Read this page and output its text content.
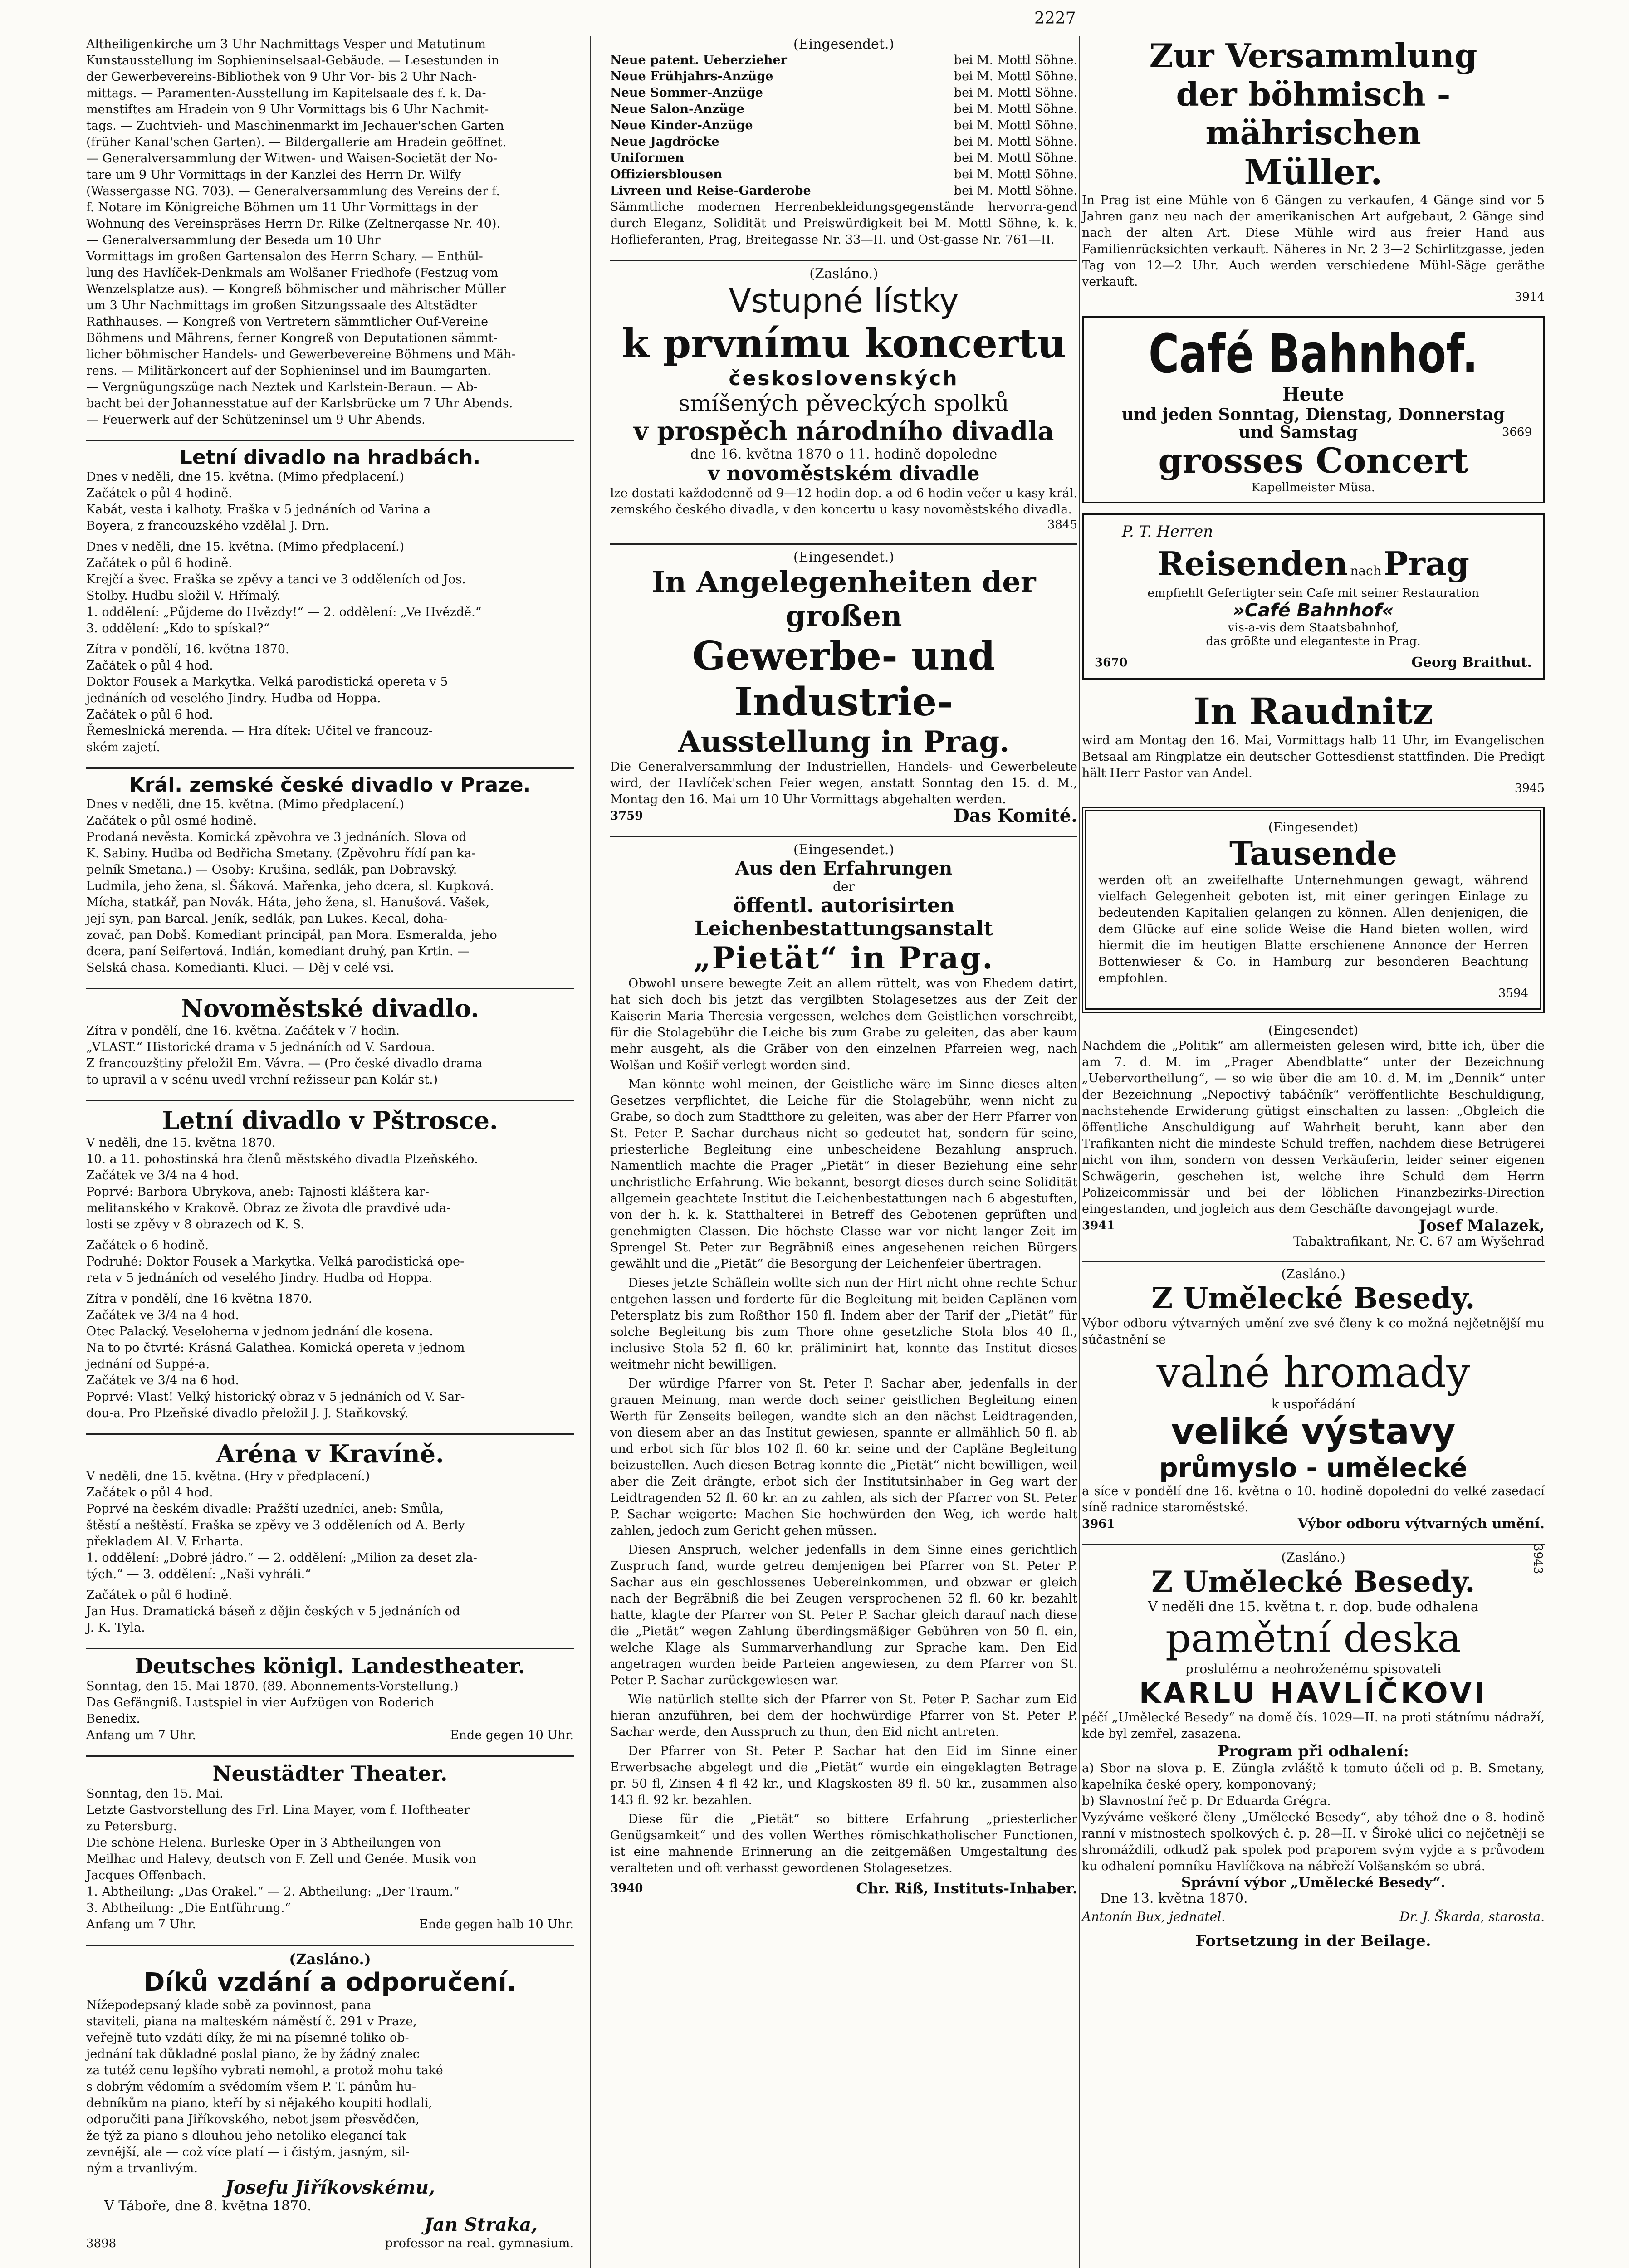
2227
Altheiligenkirche um 3 Uhr Nachmittags Vesper und Matutinum
Kunstausstellung im Sophieninselsaal-Gebäude. — Lesestunden in
der Gewerbevereins-Bibliothek von 9 Uhr Vor- bis 2 Uhr Nach-
mittags. — Paramenten-Ausstellung im Kapitelsaale des f. k. Da-
menstiftes am Hradein von 9 Uhr Vormittags bis 6 Uhr Nachmit-
tags. — Zuchtvieh- und Maschinenmarkt im Jechauer'schen Garten
(früher Kanal'schen Garten). — Bildergallerie am Hradein geöffnet.
— Generalversammlung der Witwen- und Waisen-Societät der No-
tare um 9 Uhr Vormittags in der Kanzlei des Herrn Dr. Wilfy
(Wassergasse NG. 703). — Generalversammlung des Vereins der f.
f. Notare im Königreiche Böhmen um 11 Uhr Vormittags in der
Wohnung des Vereinspräses Herrn Dr. Rilke (Zeltnergasse Nr. 40).
— Generalversammlung der Beseda um 10 Uhr
Vormittags im großen Gartensalon des Herrn Schary. — Enthül-
lung des Havlíček-Denkmals am Wolšaner Friedhofe (Festzug vom
Wenzelsplatze aus). — Kongreß böhmischer und mährischer Müller
um 3 Uhr Nachmittags im großen Sitzungssaale des Altstädter
Rathhauses. — Kongreß von Vertretern sämmtlicher Ouf-Vereine
Böhmens und Mährens, ferner Kongreß von Deputationen sämmt-
licher böhmischer Handels- und Gewerbevereine Böhmens und Mäh-
rens. — Militärkoncert auf der Sophieninsel und im Baumgarten.
— Vergnügungszüge nach Neztek und Karlstein-Beraun. — Ab-
bacht bei der Johannesstatue auf der Karlsbrücke um 7 Uhr Abends.
— Feuerwerk auf der Schützeninsel um 9 Uhr Abends.
Letní divadlo na hradbách.
Dnes v neděli, dne 15. května. (Mimo předplacení.)
Začátek o půl 4 hodině.
Kabát, vesta i kalhoty. Fraška v 5 jednáních od Varina a
Boyera, z francouzského vzdělal J. Drn.
Dnes v neděli, dne 15. května. (Mimo předplacení.)
Začátek o půl 6 hodině.
Krejčí a švec. Fraška se zpěvy a tanci ve 3 odděleních od Jos.
Stolby. Hudbu složil V. Hřímalý.
1. oddělení: „Půjdeme do Hvězdy!“ — 2. oddělení: „Ve Hvězdě.“
3. oddělení: „Kdo to spískal?“
Zítra v pondělí, 16. května 1870.
Začátek o půl 4 hod.
Doktor Fousek a Markytka. Velká parodistická opereta v 5
jednáních od veselého Jindry. Hudba od Hoppa.
Začátek o půl 6 hod.
Řemeslnická merenda. — Hra dítek: Učitel ve francouz-
ském zajetí.
Král. zemské české divadlo v Praze.
Dnes v neděli, dne 15. května. (Mimo předplacení.)
Začátek o půl osmé hodině.
Prodaná nevěsta. Komická zpěvohra ve 3 jednáních. Slova od
K. Sabiny. Hudba od Bedřicha Smetany. (Zpěvohru řídí pan ka-
pelník Smetana.) — Osoby: Krušina, sedlák, pan Dobravský.
Ludmila, jeho žena, sl. Šáková. Mařenka, jeho dcera, sl. Kupková.
Mícha, statkář, pan Novák. Háta, jeho žena, sl. Hanušová. Vašek,
její syn, pan Barcal. Jeník, sedlák, pan Lukes. Kecal, doha-
zovač, pan Dobš. Komediant principál, pan Mora. Esmeralda, jeho
dcera, paní Seifertová. Indián, komediant druhý, pan Krtin. —
Selská chasa. Komedianti. Kluci. — Děj v celé vsi.
Novoměstské divadlo.
Zítra v pondělí, dne 16. května. Začátek v 7 hodin.
„VLAST.“ Historické drama v 5 jednáních od V. Sardoua.
Z francouzštiny přeložil Em. Vávra. — (Pro české divadlo drama
to upravil a v scénu uvedl vrchní režisseur pan Kolár st.)
Letní divadlo v Pštrosce.
V neděli, dne 15. května 1870.
10. a 11. pohostinská hra členů městského divadla Plzeňského.
Začátek ve 3/4 na 4 hod.
Poprvé: Barbora Ubrykova, aneb: Tajnosti kláštera kar-
melitanského v Krakově. Obraz ze života dle pravdivé uda-
losti se zpěvy v 8 obrazech od K. S.
Začátek o 6 hodině.
Podruhé: Doktor Fousek a Markytka. Velká parodistická ope-
reta v 5 jednáních od veselého Jindry. Hudba od Hoppa.
Zítra v pondělí, dne 16 května 1870.
Začátek ve 3/4 na 4 hod.
Otec Palacký. Veseloherna v jednom jednání dle kosena.
Na to po čtvrté: Krásná Galathea. Komická opereta v jednom
jednání od Suppé-a.
Začátek ve 3/4 na 6 hod.
Poprvé: Vlast! Velký historický obraz v 5 jednáních od V. Sar-
dou-a. Pro Plzeňské divadlo přeložil J. J. Staňkovský.
Aréna v Kravíně.
V neděli, dne 15. května. (Hry v předplacení.)
Začátek o půl 4 hod.
Poprvé na českém divadle: Pražští uzedníci, aneb: Smůla,
štěstí a neštěstí. Fraška se zpěvy ve 3 odděleních od A. Berly
překladem Al. V. Erharta.
1. oddělení: „Dobré jádro.“ — 2. oddělení: „Milion za deset zla-
tých.“ — 3. oddělení: „Naši vyhráli.“
Začátek o půl 6 hodině.
Jan Hus. Dramatická báseň z dějin českých v 5 jednáních od
J. K. Tyla.
Deutsches königl. Landestheater.
Sonntag, den 15. Mai 1870. (89. Abonnements-Vorstellung.)
Das Gefängniß. Lustspiel in vier Aufzügen von Roderich
Benedix.
Anfang um 7 Uhr.	Ende gegen 10 Uhr.
Neustädter Theater.
Sonntag, den 15. Mai.
Letzte Gastvorstellung des Frl. Lina Mayer, vom f. Hoftheater
zu Petersburg.
Die schöne Helena. Burleske Oper in 3 Abtheilungen von
Meilhac und Halevy, deutsch von F. Zell und Genée. Musik von
Jacques Offenbach.
1. Abtheilung: „Das Orakel.“ — 2. Abtheilung: „Der Traum.“
3. Abtheilung: „Die Entführung.“
Anfang um 7 Uhr.	Ende gegen halb 10 Uhr.
(Zasláno.)
Díků vzdání a odporučení.
Nížepodepsaný klade sobě za povinnost, pana
staviteli, piana na malteském náměstí č. 291 v Praze,
veřejně tuto vzdáti díky, že mi na písemné toliko ob-
jednání tak důkladné poslal piano, že by žádný znalec
za tutéž cenu lepšího vybrati nemohl, a protož mohu také
s dobrým vědomím a svědomím všem P. T. pánům hu-
debníkům na piano, kteří by si nějakého koupiti hodlali,
odporučiti pana Jiříkovského, nebot jsem přesvědčen,
že týž za piano s dlouhou jeho netoliko elegancí tak
zevnější, ale — což více platí — i čistým, jasným, sil-
ným a trvanlivým.
Josefu Jiříkovskému,
V Táboře, dne 8. května 1870.
Jan Straka,
3898	professor na real. gymnasium.
(Eingesendet.)
Neue patent. Ueberzieher	bei M. Mottl Söhne.
Neue Frühjahrs-Anzüge	bei M. Mottl Söhne.
Neue Sommer-Anzüge	bei M. Mottl Söhne.
Neue Salon-Anzüge	bei M. Mottl Söhne.
Neue Kinder-Anzüge	bei M. Mottl Söhne.
Neue Jagdröcke	bei M. Mottl Söhne.
Uniformen	bei M. Mottl Söhne.
Offiziersblousen	bei M. Mottl Söhne.
Livreen und Reise-Garderobe	bei M. Mottl Söhne.
Sämmtliche modernen Herrenbekleidungsgegenstände hervorra-gend durch Eleganz, Solidität und Preiswürdigkeit bei M. Mottl Söhne, k. k. Hoflieferanten, Prag, Breitegasse Nr. 33—II. und Ost-gasse Nr. 761—II.
(Zasláno.)
Vstupné lístky
k prvnímu koncertu
československých
smíšených pěveckých spolků
v prospěch národního divadla
dne 16. května 1870 o 11. hodině dopoledne
v novoměstském divadle
lze dostati každodenně od 9—12 hodin dop. a od 6 hodin večer u kasy král. zemského českého divadla, v den koncertu u kasy novoměstského divadla.
3845
(Eingesendet.)
In Angelegenheiten der großen
Gewerbe- und Industrie-
Ausstellung in Prag.
Die Generalversammlung der Industriellen, Handels- und Gewerbeleute wird, der Havlíček'schen Feier wegen, anstatt Sonntag den 15. d. M., Montag den 16. Mai um 10 Uhr Vormittags abgehalten werden.
3759	Das Komité.
(Eingesendet.)
Aus den Erfahrungen
der
öffentl. autorisirten Leichenbestattungsanstalt
„Pietät“ in Prag.
Obwohl unsere bewegte Zeit an allem rüttelt, was von Ehedem datirt, hat sich doch bis jetzt das vergilbten Stolagesetzes aus der Zeit der Kaiserin Maria Theresia vergessen, welches dem Geistlichen vorschreibt, für die Stolagebühr die Leiche bis zum Grabe zu geleiten, das aber kaum mehr ausgeht, als die Gräber von den einzelnen Pfarreien weg, nach Wolšan und Košiř verlegt worden sind.
Man könnte wohl meinen, der Geistliche wäre im Sinne dieses alten Gesetzes verpflichtet, die Leiche für die Stolagebühr, wenn nicht zu Grabe, so doch zum Stadtthore zu geleiten, was aber der Herr Pfarrer von St. Peter P. Sachar durchaus nicht so gedeutet hat, sondern für seine, priesterliche Begleitung eine unbescheidene Bezahlung anspruch. Namentlich machte die Prager „Pietät“ in dieser Beziehung eine sehr unchristliche Erfahrung. Wie bekannt, besorgt dieses durch seine Solidität allgemein geachtete Institut die Leichenbestattungen nach 6 abgestuften, von der h. k. k. Statthalterei in Betreff des Gebotenen geprüften und genehmigten Classen. Die höchste Classe war vor nicht langer Zeit im Sprengel St. Peter zur Begräbniß eines angesehenen reichen Bürgers gewählt und die „Pietät“ die Besorgung der Leichenfeier übertragen.
Dieses jetzte Schäflein wollte sich nun der Hirt nicht ohne rechte Schur entgehen lassen und forderte für die Begleitung mit beiden Caplänen vom Petersplatz bis zum Roßthor 150 fl. Indem aber der Tarif der „Pietät“ für solche Begleitung bis zum Thore ohne gesetzliche Stola blos 40 fl., inclusive Stola 52 fl. 60 kr. präliminirt hat, konnte das Institut dieses weitmehr nicht bewilligen.
Der würdige Pfarrer von St. Peter P. Sachar aber, jedenfalls in der grauen Meinung, man werde doch seiner geistlichen Begleitung einen Werth für Zenseits beilegen, wandte sich an den nächst Leidtragenden, von diesem aber an das Institut gewiesen, spannte er allmählich 50 fl. ab und erbot sich für blos 102 fl. 60 kr. seine und der Capläne Begleitung beizustellen. Auch diesen Betrag konnte die „Pietät“ nicht bewilligen, weil aber die Zeit drängte, erbot sich der Institutsinhaber in Geg wart der Leidtragenden 52 fl. 60 kr. an zu zahlen, als sich der Pfarrer von St. Peter P. Sachar weigerte: Machen Sie hochwürden den Weg, ich werde halt zahlen, jedoch zum Gericht gehen müssen.
Diesen Anspruch, welcher jedenfalls in dem Sinne eines gerichtlich Zuspruch fand, wurde getreu demjenigen bei Pfarrer von St. Peter P. Sachar aus ein geschlossenes Uebereinkommen, und obzwar er gleich nach der Begräbniß die bei Zeugen versprochenen 52 fl. 60 kr. bezahlt hatte, klagte der Pfarrer von St. Peter P. Sachar gleich darauf nach diese die „Pietät“ wegen Zahlung überdingsmäßiger Gebühren von 50 fl. ein, welche Klage als Summarverhandlung zur Sprache kam. Den Eid angetragen wurden beide Parteien angewiesen, zu dem Pfarrer von St. Peter P. Sachar zurückgewiesen war.
Wie natürlich stellte sich der Pfarrer von St. Peter P. Sachar zum Eid hieran anzuführen, bei dem der hochwürdige Pfarrer von St. Peter P. Sachar werde, den Ausspruch zu thun, den Eid nicht antreten.
Der Pfarrer von St. Peter P. Sachar hat den Eid im Sinne einer Erwerbsache abgelegt und die „Pietät“ wurde ein eingeklagten Betrage pr. 50 fl, Zinsen 4 fl 42 kr., und Klagskosten 89 fl. 50 kr., zusammen also 143 fl. 92 kr. bezahlen.
Diese für die „Pietät“ so bittere Erfahrung „priesterlicher Genügsamkeit“ und des vollen Werthes römischkatholischer Functionen, ist eine mahnende Erinnerung an die zeitgemäßen Umgestaltung des veralteten und oft verhasst gewordenen Stolagesetzes.
3940	Chr. Riß, Instituts-Inhaber.
Zur Versammlung
der böhmisch - mährischen
Müller.
In Prag ist eine Mühle von 6 Gängen zu verkaufen, 4 Gänge sind vor 5 Jahren ganz neu nach der amerikanischen Art aufgebaut, 2 Gänge sind nach der alten Art. Diese Mühle wird aus freier Hand aus Familienrücksichten verkauft. Näheres in Nr. 2 3—2 Schirlitzgasse, jeden Tag von 12—2 Uhr. Auch werden verschiedene Mühl-Säge geräthe verkauft.
3914
Café Bahnhof.
Heute
und jeden Sonntag, Dienstag, Donnerstag
und Samstag	3669
grosses Concert
Kapellmeister Müsa.
P. T. Herren
Reisenden nach Prag
empfiehlt Gefertigter sein Cafe mit seiner Restauration
»Café Bahnhof«
vis-a-vis dem Staatsbahnhof,
das größte und eleganteste in Prag.
3670	Georg Braithut.
In Raudnitz
wird am Montag den 16. Mai, Vormittags halb 11 Uhr, im Evangelischen Betsaal am Ringplatze ein deutscher Gottesdienst stattfinden. Die Predigt hält Herr Pastor van Andel.
3945
(Eingesendet)
Tausende
werden oft an zweifelhafte Unternehmungen gewagt, während vielfach Gelegenheit geboten ist, mit einer geringen Einlage zu bedeutenden Kapitalien gelangen zu können. Allen denjenigen, die dem Glücke auf eine solide Weise die Hand bieten wollen, wird hiermit die im heutigen Blatte erschienene Annonce der Herren Bottenwieser & Co. in Hamburg zur besonderen Beachtung empfohlen.
3594
(Eingesendet)
Nachdem die „Politik“ am allermeisten gelesen wird, bitte ich, über die am 7. d. M. im „Prager Abendblatte“ unter der Bezeichnung „Uebervortheilung“, — so wie über die am 10. d. M. im „Dennik“ unter der Bezeichnung „Nepoctivý tabáčník“ veröffentlichte Beschuldigung, nachstehende Erwiderung gütigst einschalten zu lassen: „Obgleich die öffentliche Anschuldigung auf Wahrheit beruht, kann aber den Trafikanten nicht die mindeste Schuld treffen, nachdem diese Betrügerei nicht von ihm, sondern von dessen Verkäuferin, leider seiner eigenen Schwägerin, geschehen ist, welche ihre Schuld dem Herrn Polizeicommissär und bei der löblichen Finanzbezirks-Direction eingestanden, und jogleich aus dem Geschäfte davongejagt wurde.
3941	Josef Malazek,
Tabaktrafikant, Nr. C. 67 am Wyšehrad
(Zasláno.)
Z Umělecké Besedy.
Výbor odboru výtvarných umění zve své členy k co možná nejčetnější mu súčastnění se
valné hromady
k uspořádání
veliké výstavy
průmyslo - umělecké
a síce v pondělí dne 16. května o 10. hodině dopoledni do velké zasedací síně radnice staroměstské.
3961	Výbor odboru výtvarných umění.
(Zasláno.)
Z Umělecké Besedy.
V neděli dne 15. května t. r. dop. bude odhalena
pamětní deska
proslulému a neohroženému spisovateli
KARLU HAVLÍČKOVI
péčí „Umělecké Besedy“ na domě čís. 1029—II. na proti státnímu nádraží, kde byl zemřel, zasazena.
Program při odhalení:
a) Sbor na slova p. E. Züngla zvláště k tomuto účeli od p. B. Smetany, kapelníka české opery, komponovaný;
b) Slavnostní řeč p. Dr Eduarda Grégra.
Vyzýváme veškeré členy „Umělecké Besedy“, aby téhož dne o 8. hodině ranní v místnostech spolkových č. p. 28—II. v Široké ulici co nejčetněji se shromáždili, odkudž pak spolek pod praporem svým vyjde a s průvodem ku odhalení pomníku Havlíčkova na nábřeží Volšanském se ubrá.
Správní výbor „Umělecké Besedy“.
Dne 13. května 1870.
Antonín Bux, jednatel.	Dr. J. Škarda, starosta.
Fortsetzung in der Beilage.
3943
